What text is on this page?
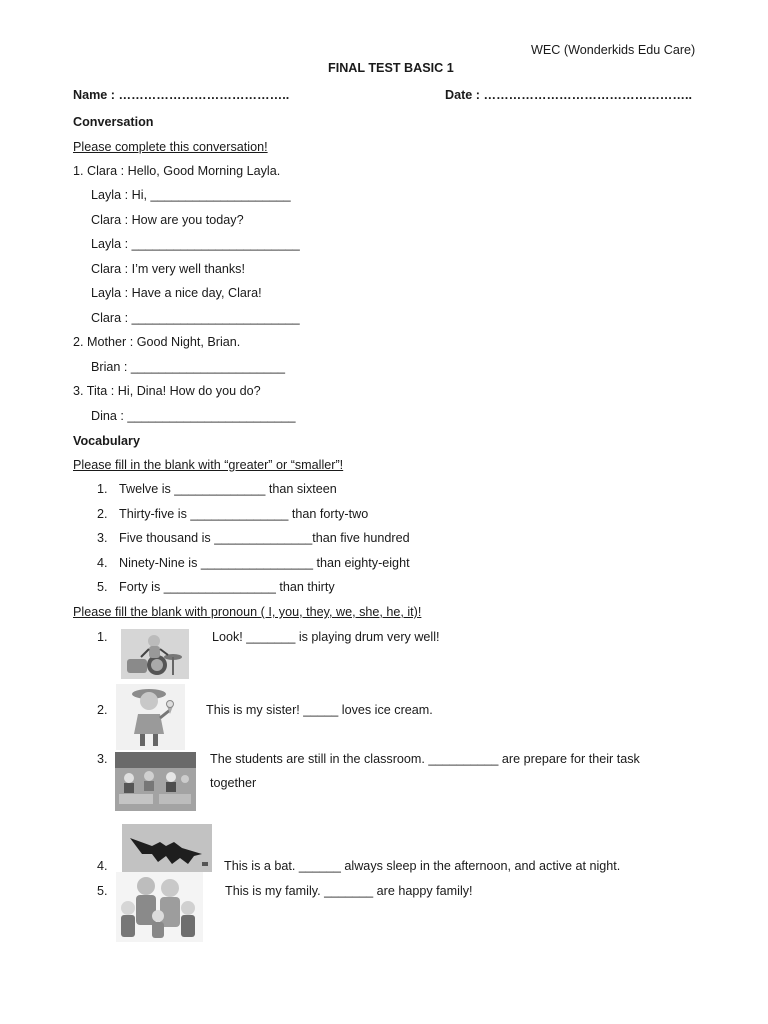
WEC (Wonderkids Edu Care)
FINAL TEST BASIC 1
Name : …………………………………..	Date : …………………………………………..
Conversation
Please complete this conversation!
1. Clara : Hello, Good Morning Layla.
Layla : Hi, ____________________
Clara : How are you today?
Layla : ________________________
Clara : I’m very well thanks!
Layla : Have a nice day, Clara!
Clara : ________________________
2. Mother : Good Night, Brian.
Brian : ______________________
3. Tita : Hi, Dina! How do you do?
Dina : ________________________
Vocabulary
Please fill in the blank with “greater” or “smaller”!
1. Twelve is _____________ than sixteen
2. Thirty-five is ______________ than forty-two
3. Five thousand is ______________than five hundred
4. Ninety-Nine is ________________ than eighty-eight
5. Forty is ________________ than thirty
Please fill the blank with pronoun ( I, you, they, we, she, he, it)!
1.	Look! _______ is playing drum very well!
2.	This is my sister! _____ loves ice cream.
3.	The students are still in the classroom. __________ are prepare for their task
together
4.	This is a bat. ______ always sleep in the afternoon, and active at night.
5.	This is my family. _______ are happy family!
